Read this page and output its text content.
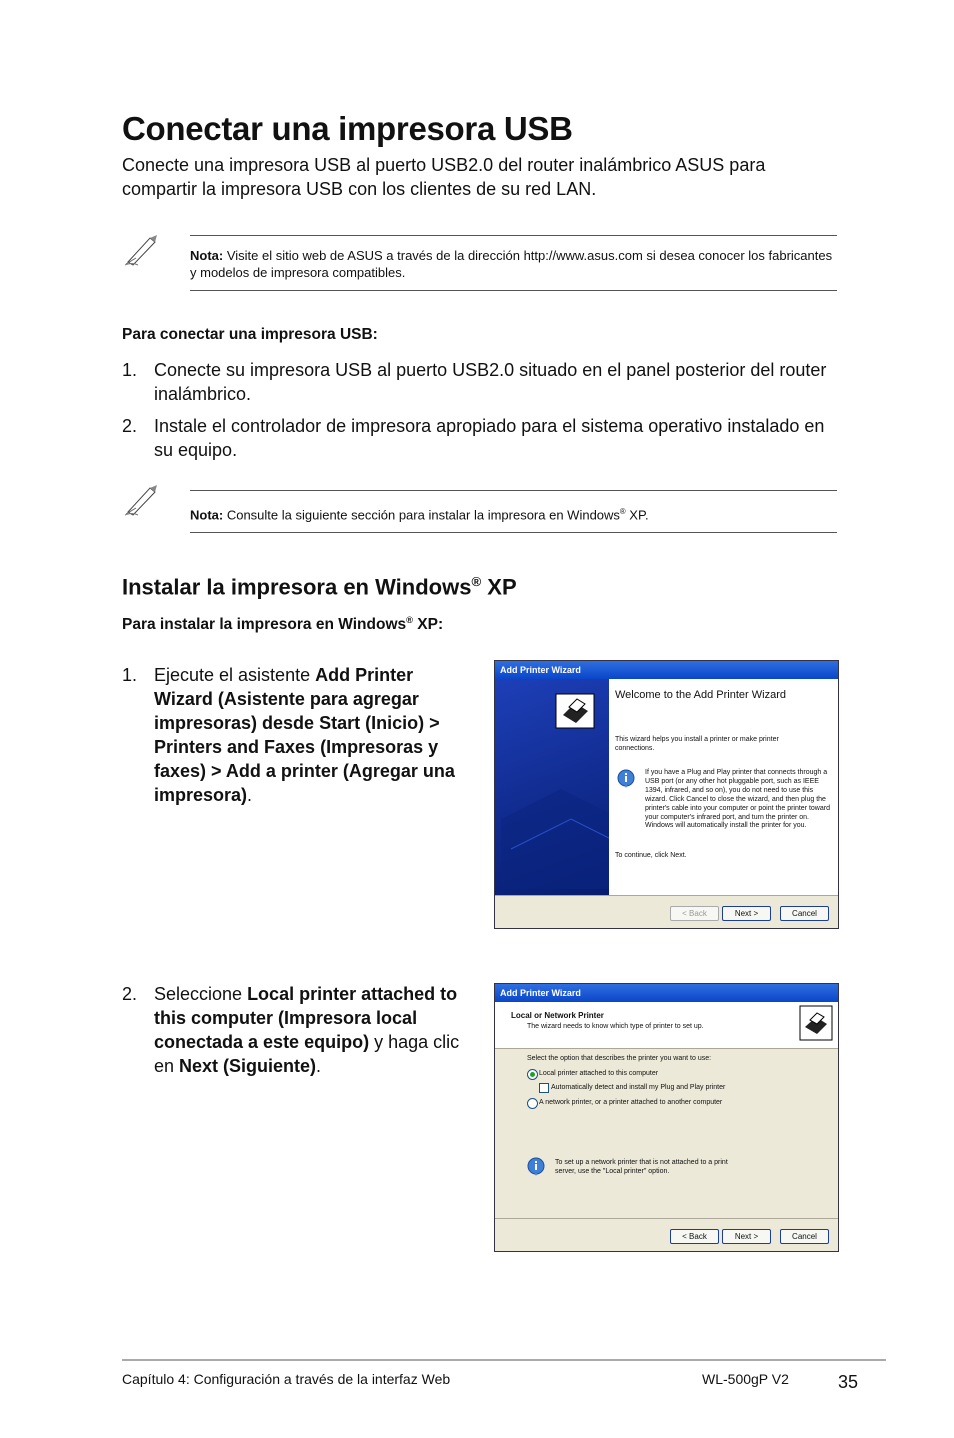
Conectar una impresora USB
Conecte una impresora USB al puerto USB2.0 del router inalámbrico ASUS para compartir la impresora USB con los clientes de su red LAN.
Nota: Visite el sitio web de ASUS a través de la dirección http://www.asus.com si desea conocer los fabricantes y modelos de impresora compatibles.
Para conectar una impresora USB:
1. Conecte su impresora USB al puerto USB2.0 situado en el panel posterior del router inalámbrico.
2. Instale el controlador de impresora apropiado para el sistema operativo instalado en su equipo.
Nota: Consulte la siguiente sección para instalar la impresora en Windows® XP.
Instalar la impresora en Windows® XP
Para instalar la impresora en Windows® XP:
1. Ejecute el asistente Add Printer Wizard (Asistente para agregar impresoras) desde Start (Inicio) > Printers and Faxes (Impresoras y faxes) > Add a printer (Agregar una impresora).
Add Printer Wizard
Welcome to the Add Printer Wizard
This wizard helps you install a printer or make printer connections.
If you have a Plug and Play printer that connects through a USB port (or any other hot pluggable port, such as IEEE 1394, infrared, and so on), you do not need to use this wizard. Click Cancel to close the wizard, and then plug the printer's cable into your computer or point the printer toward your computer's infrared port, and turn the printer on. Windows will automatically install the printer for you.
To continue, click Next.
< Back	Next >	Cancel
2. Seleccione Local printer attached to this computer (Impresora local conectada a este equipo) y haga clic en Next (Siguiente).
Add Printer Wizard
Local or Network Printer
The wizard needs to know which type of printer to set up.
Select the option that describes the printer you want to use:
Local printer attached to this computer
Automatically detect and install my Plug and Play printer
A network printer, or a printer attached to another computer
To set up a network printer that is not attached to a print server, use the "Local printer" option.
< Back	Next >	Cancel
Capítulo 4: Configuración a través de la interfaz Web	WL-500gP V2	35
